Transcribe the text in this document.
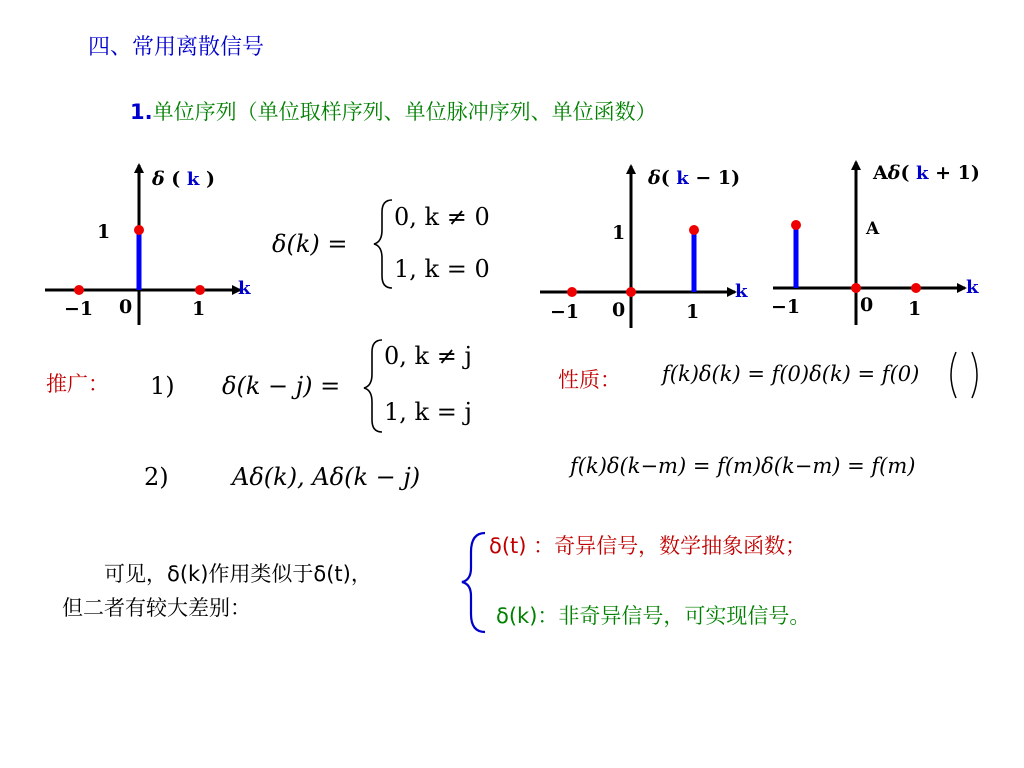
四、常用离散信号
1.单位序列（单位取样序列、单位脉冲序列、单位函数）
δ ( k )
1
k
−1 0	1
δ( k − 1)
1
k
−1 0	1
Aδ( k + 1)
A
k
−1	0 1
δ(k) =
0, k ≠ 0
1, k = 0
推广： 1) δ(k − j) =
0, k ≠ j
1, k = j
2)	Aδ(k), Aδ(k − j)
性质： f(k)δ(k) = f(0)δ(k) = f(0)
f(k)δ(k−m) = f(m)δ(k−m) = f(m)
可见，δ(k)作用类似于δ(t)，
但二者有较大差别：
δ(t) ：奇异信号，数学抽象函数；
δ(k)：非奇异信号，可实现信号。
